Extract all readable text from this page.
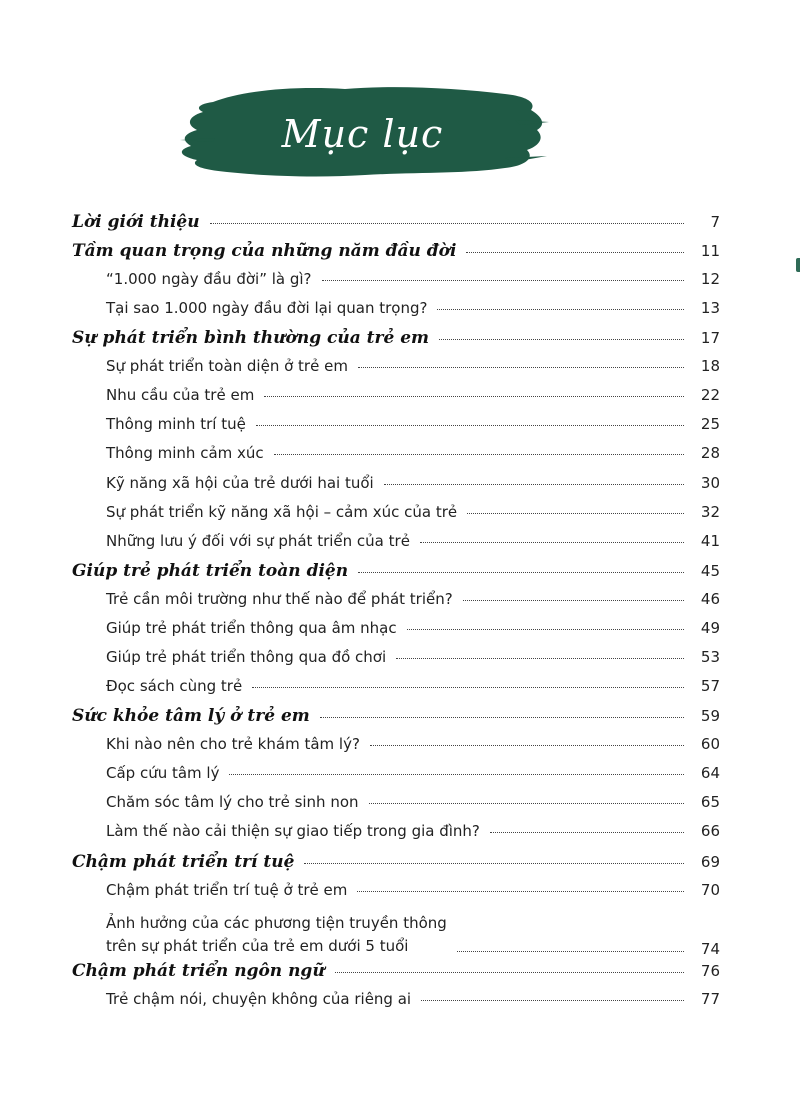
Mục lục
Lời giới thiệu	7
Tầm quan trọng của những năm đầu đời	11
“1.000 ngày đầu đời” là gì?	12
Tại sao 1.000 ngày đầu đời lại quan trọng?	13
Sự phát triển bình thường của trẻ em	17
Sự phát triển toàn diện ở trẻ em	18
Nhu cầu của trẻ em	22
Thông minh trí tuệ	25
Thông minh cảm xúc	28
Kỹ năng xã hội của trẻ dưới hai tuổi	30
Sự phát triển kỹ năng xã hội – cảm xúc của trẻ	32
Những lưu ý đối với sự phát triển của trẻ	41
Giúp trẻ phát triển toàn diện	45
Trẻ cần môi trường như thế nào để phát triển?	46
Giúp trẻ phát triển thông qua âm nhạc	49
Giúp trẻ phát triển thông qua đồ chơi	53
Đọc sách cùng trẻ	57
Sức khỏe tâm lý ở trẻ em	59
Khi nào nên cho trẻ khám tâm lý?	60
Cấp cứu tâm lý	64
Chăm sóc tâm lý cho trẻ sinh non	65
Làm thế nào cải thiện sự giao tiếp trong gia đình?	66
Chậm phát triển trí tuệ	69
Chậm phát triển trí tuệ ở trẻ em	70
Ảnh hưởng của các phương tiện truyền thông
trên sự phát triển của trẻ em dưới 5 tuổi	74
Chậm phát triển ngôn ngữ	76
Trẻ chậm nói, chuyện không của riêng ai	77
